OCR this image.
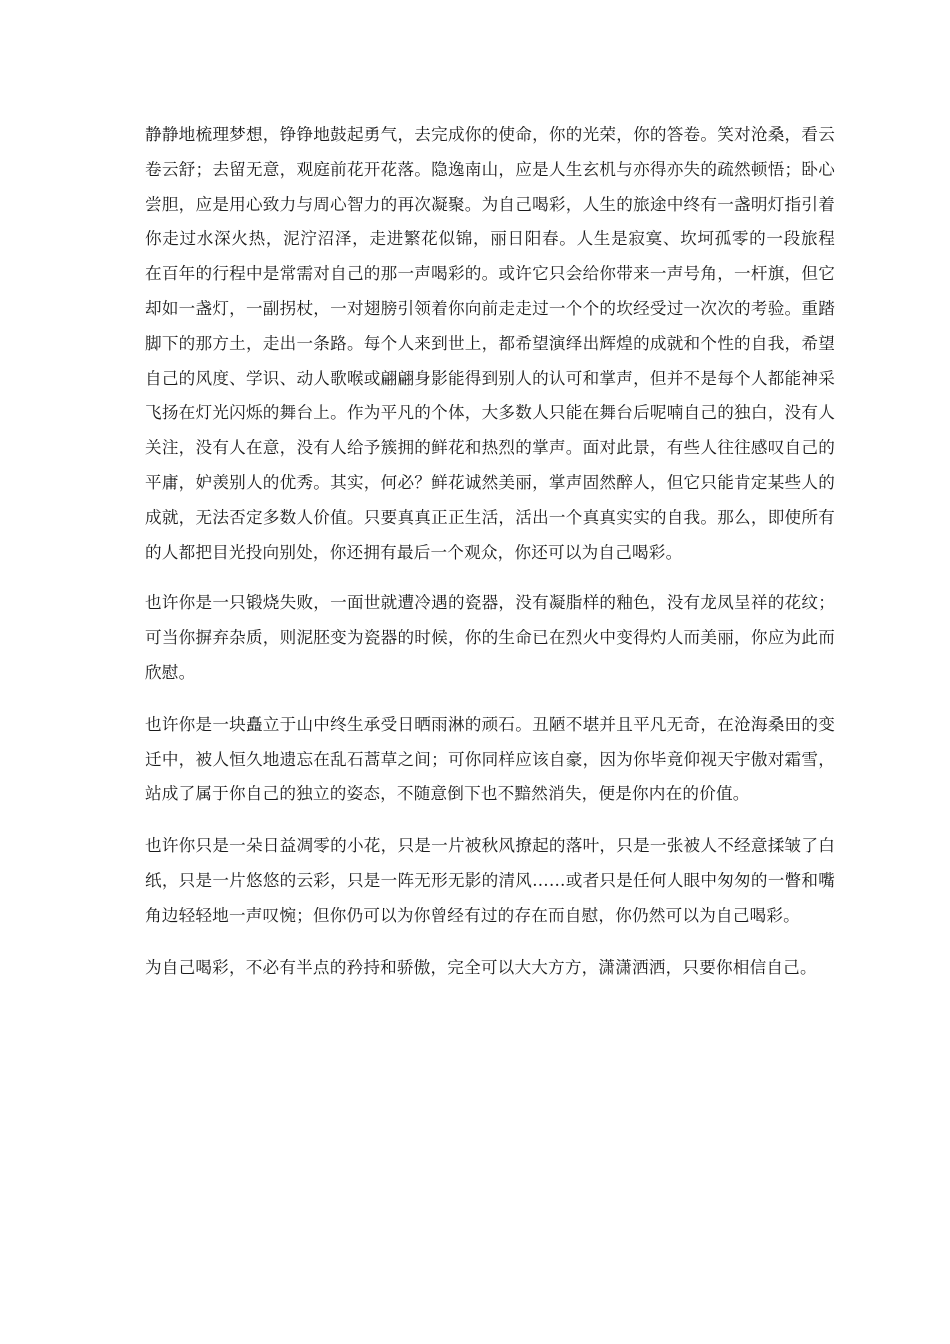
静静地梳理梦想，铮铮地鼓起勇气，去完成你的使命，你的光荣，你的答卷。笑对沧桑，看云卷云舒；去留无意，观庭前花开花落。隐逸南山，应是人生玄机与亦得亦失的疏然顿悟；卧心尝胆，应是用心致力与周心智力的再次凝聚。为自己喝彩，人生的旅途中终有一盏明灯指引着你走过水深火热，泥泞沼泽，走进繁花似锦，丽日阳春。人生是寂寞、坎坷孤零的一段旅程　在百年的行程中是常需对自己的那一声喝彩的。或许它只会给你带来一声号角，一杆旗，但它却如一盏灯，一副拐杖，一对翅膀引领着你向前走走过一个个的坎经受过一次次的考验。重踏脚下的那方土，走出一条路。每个人来到世上，都希望演绎出辉煌的成就和个性的自我，希望自己的风度、学识、动人歌喉或翩翩身影能得到别人的认可和掌声，但并不是每个人都能神采飞扬在灯光闪烁的舞台上。作为平凡的个体，大多数人只能在舞台后呢喃自己的独白，没有人关注，没有人在意，没有人给予簇拥的鲜花和热烈的掌声。面对此景，有些人往往感叹自己的平庸，妒羡别人的优秀。其实，何必？鲜花诚然美丽，掌声固然醉人，但它只能肯定某些人的成就，无法否定多数人价值。只要真真正正生活，活出一个真真实实的自我。那么，即使所有的人都把目光投向别处，你还拥有最后一个观众，你还可以为自己喝彩。

也许你是一只锻烧失败，一面世就遭冷遇的瓷器，没有凝脂样的釉色，没有龙凤呈祥的花纹；可当你摒弃杂质，则泥胚变为瓷器的时候，你的生命已在烈火中变得灼人而美丽，你应为此而欣慰。

也许你是一块矗立于山中终生承受日晒雨淋的顽石。丑陋不堪并且平凡无奇，在沧海桑田的变迁中，被人恒久地遗忘在乱石蒿草之间；可你同样应该自豪，因为你毕竟仰视天宇傲对霜雪，站成了属于你自己的独立的姿态，不随意倒下也不黯然消失，便是你内在的价值。

也许你只是一朵日益凋零的小花，只是一片被秋风撩起的落叶，只是一张被人不经意揉皱了白纸，只是一片悠悠的云彩，只是一阵无形无影的清风……或者只是任何人眼中匆匆的一瞥和嘴角边轻轻地一声叹惋；但你仍可以为你曾经有过的存在而自慰，你仍然可以为自己喝彩。

为自己喝彩，不必有半点的矜持和骄傲，完全可以大大方方，潇潇洒洒，只要你相信自己。
